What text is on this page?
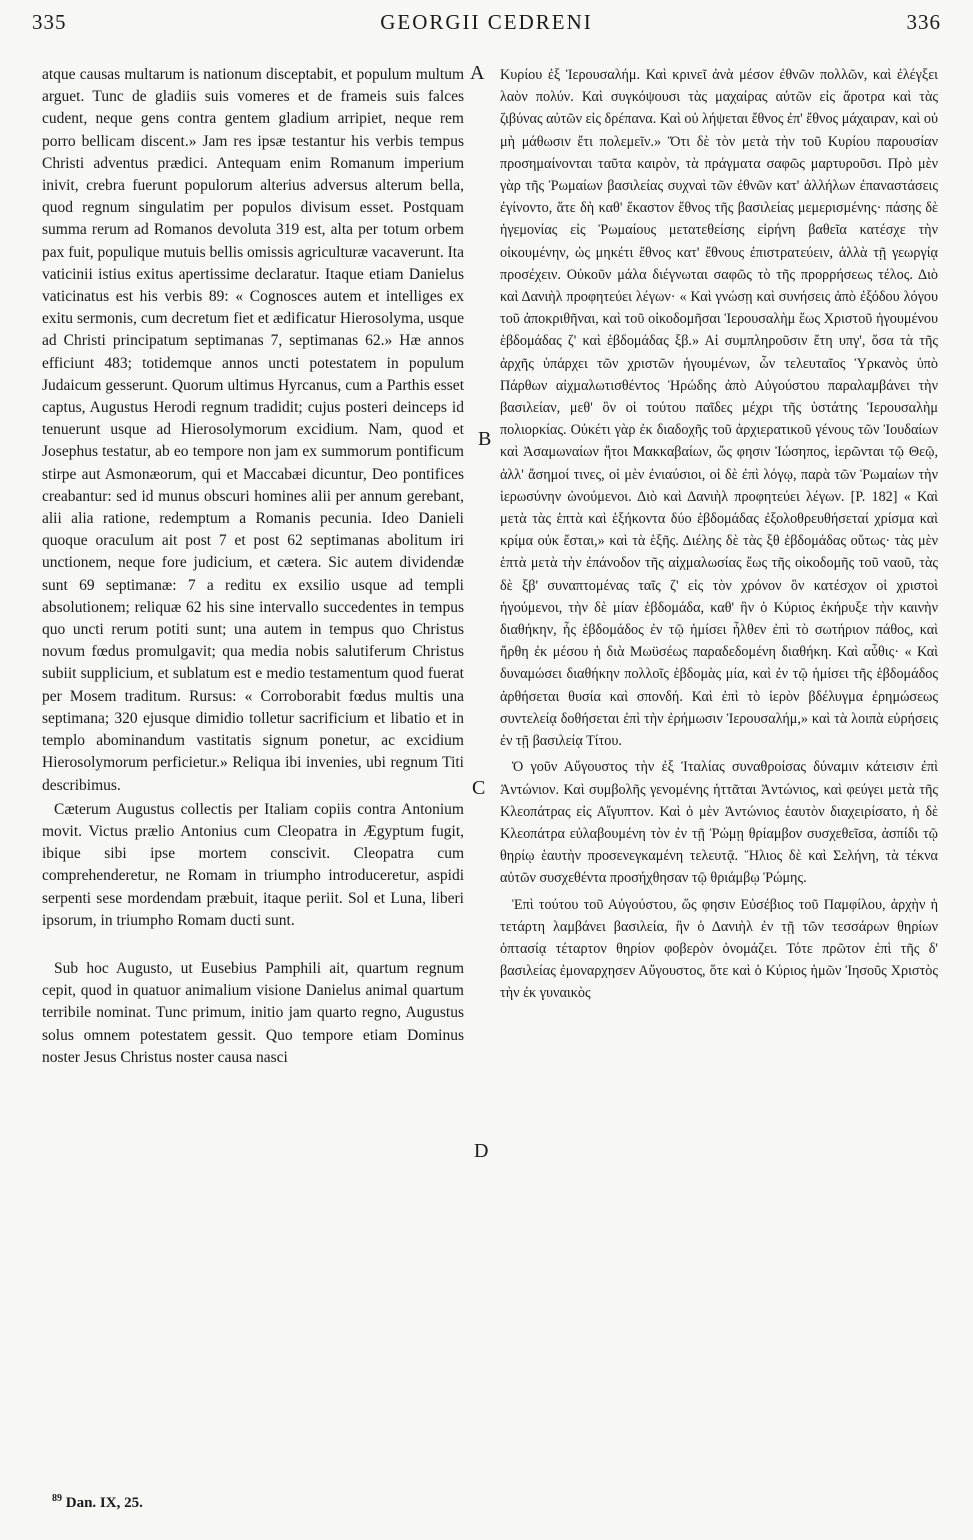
335	GEORGII CEDRENI	336

atque causas multarum is nationum disceptabit, et populum multum arguet. Tunc de gladiis suis vomeres et de frameis suis falces cudent, neque gens contra gentem gladium arripiet, neque rem porro bellicam discent.» Jam res ipsæ testantur his verbis tempus Christi adventus prædici. Antequam enim Romanum imperium inivit, crebra fuerunt populorum alterius adversus alterum bella, quod regnum singulatim per populos divisum esset. Postquam summa rerum ad Romanos devoluta 319 est, alta per totum orbem pax fuit, populique mutuis bellis omissis agriculturæ vacaverunt. Ita vaticinii istius exitus apertissime declaratur. Itaque etiam Danielus vaticinatus est his verbis 89: « Cognosces autem et intelliges ex exitu sermonis, cum decretum fiet et ædificatur Hierosolyma, usque ad Christi principatum septimanas 7, septimanas 62.» Hæ annos efficiunt 483; totidemque annos uncti potestatem in populum Judaicum gesserunt. Quorum ultimus Hyrcanus, cum a Parthis esset captus, Augustus Herodi regnum tradidit; cujus posteri deinceps id tenuerunt usque ad Hierosolymorum excidium. Nam, quod et Josephus testatur, ab eo tempore non jam ex summorum pontificum stirpe aut Asmonæorum, qui et Maccabæi dicuntur, Deo pontifices creabantur: sed id munus obscuri homines alii per annum gerebant, alii alia ratione, redemptum a Romanis pecunia. Ideo Danieli quoque oraculum ait post 7 et post 62 septimanas abolitum iri unctionem, neque fore judicium, et cætera. Sic autem dividendæ sunt 69 septimanæ: 7 a reditu ex exsilio usque ad templi absolutionem; reliquæ 62 his sine intervallo succedentes in tempus quo uncti rerum potiti sunt; una autem in tempus quo Christus novum fœdus promulgavit; qua media nobis salutiferum Christus subiit supplicium, et sublatum est e medio testamentum quod fuerat per Mosem traditum. Rursus: « Corroborabit fœdus multis una septimana; 320 ejusque dimidio tolletur sacrificium et libatio et in templo abominandum vastitatis signum ponetur, ac excidium Hierosolymorum perficietur.» Reliqua ibi invenies, ubi regnum Titi describimus.

Cæterum Augustus collectis per Italiam copiis contra Antonium movit. Victus prælio Antonius cum Cleopatra in Ægyptum fugit, ibique sibi ipse mortem conscivit. Cleopatra cum comprehenderetur, ne Romam in triumpho introduceretur, aspidi serpenti sese mordendam præbuit, itaque periit. Sol et Luna, liberi ipsorum, in triumpho Romam ducti sunt.

Sub hoc Augusto, ut Eusebius Pamphili ait, quartum regnum cepit, quod in quatuor animalium visione Danielus animal quartum terribile nominat. Tunc primum, initio jam quarto regno, Augustus solus omnem potestatem gessit. Quo tempore etiam Dominus noster Jesus Christus noster causa nasci

Κυρίου ἐξ Ἱερουσαλήμ. Καὶ κρινεῖ ἀνὰ μέσον ἐθνῶν πολλῶν, καὶ ἐλέγξει λαὸν πολύν. Καὶ συγκόψουσι τὰς μαχαίρας αὐτῶν εἰς ἄροτρα καὶ τὰς ζιβύνας αὐτῶν εἰς δρέπανα. Καὶ οὐ λήψεται ἔθνος ἐπ' ἔθνος μάχαιραν, καὶ οὐ μὴ μάθωσιν ἔτι πολεμεῖν.» Ὅτι δὲ τὸν μετὰ τὴν τοῦ Κυρίου παρουσίαν προσημαίνονται ταῦτα καιρὸν, τὰ πράγματα σαφῶς μαρτυροῦσι. Πρὸ μὲν γὰρ τῆς Ῥωμαίων βασιλείας συχναὶ τῶν ἐθνῶν κατ' ἀλλήλων ἐπαναστάσεις ἐγίνοντο, ἅτε δὴ καθ' ἕκαστον ἔθνος τῆς βασιλείας μεμερισμένης· πάσης δὲ ἡγεμονίας εἰς Ῥωμαίους μετατεθείσης εἰρήνη βαθεῖα κατέσχε τὴν οἰκουμένην, ὡς μηκέτι ἔθνος κατ' ἔθνους ἐπιστρατεύειν, ἀλλὰ τῇ γεωργίᾳ προσέχειν. Οὐκοῦν μάλα διέγνωται σαφῶς τὸ τῆς προρρήσεως τέλος. Διὸ καὶ Δανιὴλ προφητεύει λέγων· « Καὶ γνώσῃ καὶ συνήσεις ἀπὸ ἐξόδου λόγου τοῦ ἀποκριθῆναι, καὶ τοῦ οἰκοδομῆσαι Ἱερουσαλὴμ ἕως Χριστοῦ ἡγουμένου ἑβδομάδας ζ' καὶ ἑβδομάδας ξβ.» Αἱ συμπληροῦσιν ἔτη υπγ', ὅσα τὰ τῆς ἀρχῆς ὑπάρχει τῶν χριστῶν ἡγουμένων, ὧν τελευταῖος Ὑρκανὸς ὑπὸ Πάρθων αἰχμαλωτισθέντος Ἡρώδης ἀπὸ Αὐγούστου παραλαμβάνει τὴν βασιλείαν, μεθ' ὃν οἱ τούτου παῖδες μέχρι τῆς ὑστάτης Ἱερουσαλὴμ πολιορκίας. Οὐκέτι γὰρ ἐκ διαδοχῆς τοῦ ἀρχιερατικοῦ γένους τῶν Ἰουδαίων καὶ Ἀσαμωναίων ἤτοι Μακκαβαίων, ὥς φησιν Ἰώσηπος, ἱερῶνται τῷ Θεῷ, ἀλλ' ἄσημοί τινες, οἱ μὲν ἐνιαύσιοι, οἱ δὲ ἐπὶ λόγῳ, παρὰ τῶν Ῥωμαίων τὴν ἱερωσύνην ὠνούμενοι. Διὸ καὶ Δανιὴλ προφητεύει λέγων. [P. 182] « Καὶ μετὰ τὰς ἑπτὰ καὶ ἑξήκοντα δύο ἑβδομάδας ἐξολοθρευθήσεταί χρίσμα καὶ κρίμα οὐκ ἔσται,» καὶ τὰ ἑξῆς. Διέλης δὲ τὰς ξθ ἑβδομάδας οὕτως· τὰς μὲν ἑπτὰ μετὰ τὴν ἐπάνοδον τῆς αἰχμαλωσίας ἕως τῆς οἰκοδομῆς τοῦ ναοῦ, τὰς δὲ ξβ' συναπτομένας ταῖς ζ' εἰς τὸν χρόνον ὃν κατέσχον οἱ χριστοὶ ἡγούμενοι, τὴν δὲ μίαν ἑβδομάδα, καθ' ἣν ὁ Κύριος ἐκήρυξε τὴν καινὴν διαθήκην, ἧς ἑβδομάδος ἐν τῷ ἡμίσει ἦλθεν ἐπὶ τὸ σωτήριον πάθος, καὶ ἤρθη ἐκ μέσου ἡ διὰ Μωϋσέως παραδεδομένη διαθήκη. Καὶ αὖθις· « Καὶ δυναμώσει διαθήκην πολλοῖς ἑβδομὰς μία, καὶ ἐν τῷ ἡμίσει τῆς ἑβδομάδος ἀρθήσεται θυσία καὶ σπονδή. Καὶ ἐπὶ τὸ ἱερὸν βδέλυγμα ἐρημώσεως συντελείᾳ δοθήσεται ἐπὶ τὴν ἐρήμωσιν Ἱερουσαλήμ,» καὶ τὰ λοιπὰ εὑρήσεις ἐν τῇ βασιλείᾳ Τίτου.

Ὁ γοῦν Αὔγουστος τὴν ἐξ Ἰταλίας συναθροίσας δύναμιν κάτεισιν ἐπὶ Ἀντώνιον. Καὶ συμβολῆς γενομένης ἡττᾶται Ἀντώνιος, καὶ φεύγει μετὰ τῆς Κλεοπάτρας εἰς Αἴγυπτον. Καὶ ὁ μὲν Ἀντώνιος ἑαυτὸν διαχειρίσατο, ἡ δὲ Κλεοπάτρα εὐλαβουμένη τὸν ἐν τῇ Ῥώμῃ θρίαμβον συσχεθεῖσα, ἀσπίδι τῷ θηρίῳ ἑαυτὴν προσενεγκαμένη τελευτᾷ. Ἥλιος δὲ καὶ Σελήνη, τὰ τέκνα αὐτῶν συσχεθέντα προσήχθησαν τῷ θριάμβῳ Ῥώμης.

Ἐπὶ τούτου τοῦ Αὐγούστου, ὥς φησιν Εὐσέβιος τοῦ Παμφίλου, ἀρχὴν ἡ τετάρτη λαμβάνει βασιλεία, ἣν ὁ Δανιὴλ ἐν τῇ τῶν τεσσάρων θηρίων ὀπτασίᾳ τέταρτον θηρίον φοβερὸν ὀνομάζει. Τότε πρῶτον ἐπὶ τῆς δ' βασιλείας ἐμοναρχησεν Αὔγουστος, ὅτε καὶ ὁ Κύριος ἡμῶν Ἰησοῦς Χριστὸς τὴν ἐκ γυναικὸς

A
B
C
D
$^{89}$ Dan. IX, 25.
